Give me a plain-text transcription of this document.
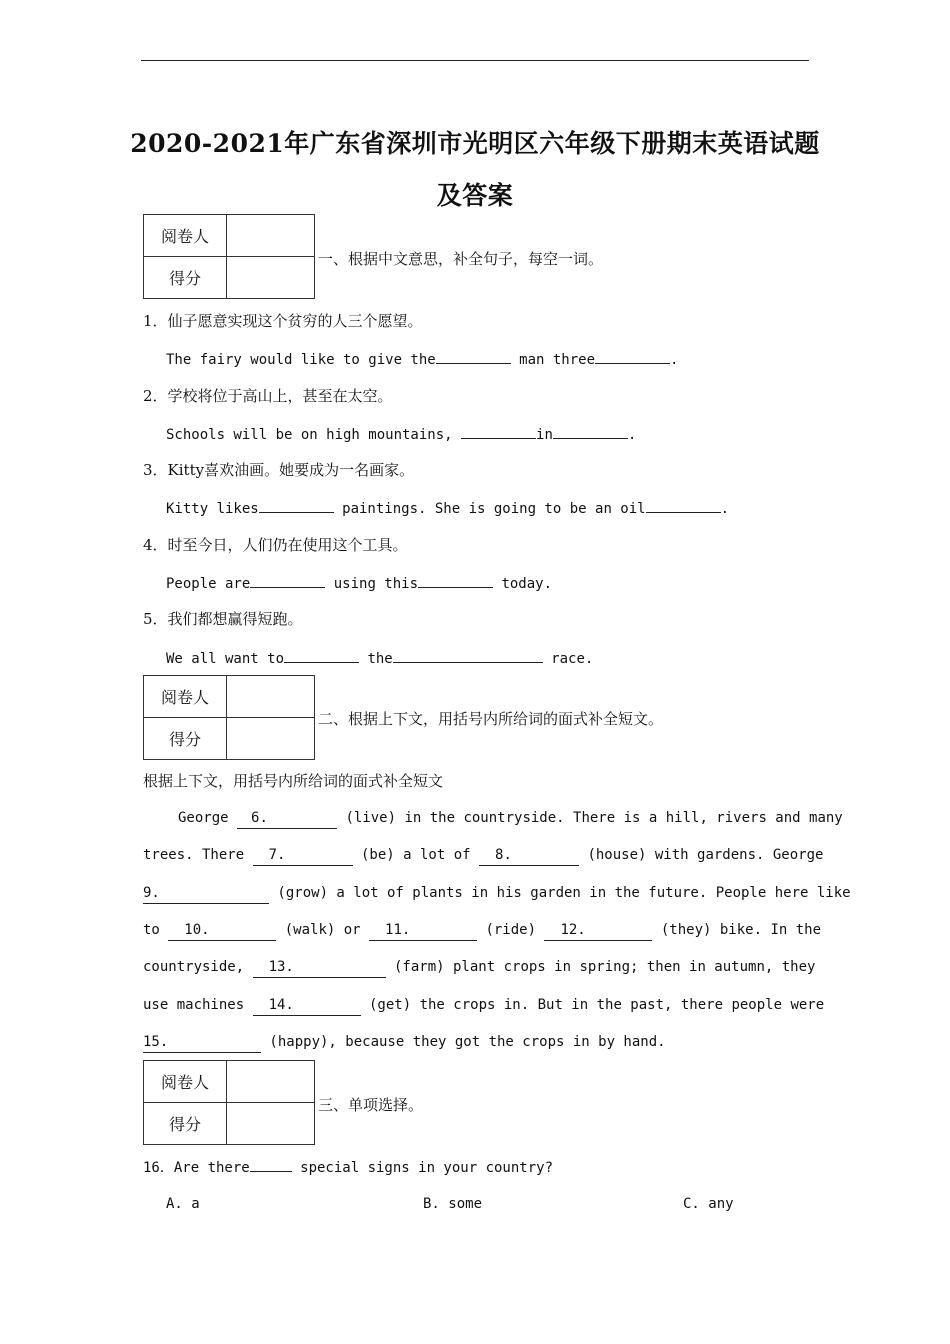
2020-2021年广东省深圳市光明区六年级下册期末英语试题
及答案
阅卷人	
得分	
一、根据中文意思，补全句子，每空一词。
1．仙子愿意实现这个贫穷的人三个愿望。
The fairy would like to give the	man three	.
2．学校将位于高山上，甚至在太空。
Schools will be on high mountains,	in	.
3．Kitty喜欢油画。她要成为一名画家。
Kitty likes	paintings. She is going to be an oil	.
4．时至今日，人们仍在使用这个工具。
People are	using this	today.
5．我们都想赢得短跑。
We all want to	the	race.
阅卷人	
得分	
二、根据上下文，用括号内所给词的面式补全短文。
根据上下文，用括号内所给词的面式补全短文
George 6.	(live) in the countryside. There is a hill, rivers and many
trees. There 7.	(be) a lot of 8.	(house) with gardens. George
9.	(grow) a lot of plants in his garden in the future. People here like
to 10.	(walk) or 11.	(ride) 12.	(they) bike. In the
countryside, 13.	(farm) plant crops in spring; then in autumn, they
use machines 14.	(get) the crops in. But in the past, there people were
15.	(happy), because they got the crops in by hand.
阅卷人	
得分	
三、单项选择。
16．Are there	special signs in your country?
A. a	B. some	C. any
